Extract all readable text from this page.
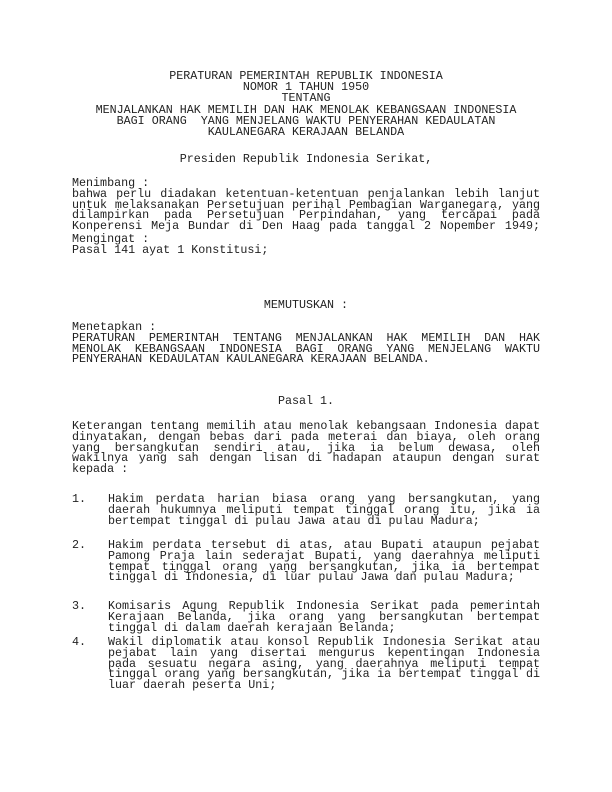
PERATURAN PEMERINTAH REPUBLIK INDONESIA
NOMOR 1 TAHUN 1950
TENTANG
MENJALANKAN HAK MEMILIH DAN HAK MENOLAK KEBANGSAAN INDONESIA
BAGI ORANG  YANG MENJELANG WAKTU PENYERAHAN KEDAULATAN
KAULANEGARA KERAJAAN BELANDA
Presiden Republik Indonesia Serikat,
Menimbang :
bahwa perlu diadakan ketentuan-ketentuan penjalankan lebih lanjut
untuk melaksanakan Persetujuan perihal Pembagian Warganegara, yang
dilampirkan pada Persetujuan Perpindahan, yang tercapai pada
Konperensi Meja Bundar di Den Haag pada tanggal 2 Nopember 1949;
Mengingat :
Pasal 141 ayat 1 Konstitusi;
MEMUTUSKAN :
Menetapkan :
PERATURAN PEMERINTAH TENTANG MENJALANKAN HAK MEMILIH DAN HAK
MENOLAK KEBANGSAAN INDONESIA BAGI ORANG YANG MENJELANG WAKTU
PENYERAHAN KEDAULATAN KAULANEGARA KERAJAAN BELANDA.
Pasal 1.
Keterangan tentang memilih atau menolak kebangsaan Indonesia dapat
dinyatakan, dengan bebas dari pada meterai dan biaya, oleh orang
yang bersangkutan sendiri atau, jika ia belum dewasa, oleh
wakilnya yang sah dengan lisan di hadapan ataupun dengan surat
kepada :
1. Hakim perdata harian biasa orang yang bersangkutan, yang
daerah hukumnya meliputi tempat tinggal orang itu, jika ia
bertempat tinggal di pulau Jawa atau di pulau Madura;
2. Hakim perdata tersebut di atas, atau Bupati ataupun pejabat
Pamong Praja lain sederajat Bupati, yang daerahnya meliputi
tempat tinggal orang yang bersangkutan, jika ia bertempat
tinggal di Indonesia, di luar pulau Jawa dan pulau Madura;
3. Komisaris Agung Republik Indonesia Serikat pada pemerintah
Kerajaan Belanda, jika orang yang bersangkutan bertempat
tinggal di dalam daerah kerajaan Belanda;
4. Wakil diplomatik atau konsol Republik Indonesia Serikat atau
pejabat lain yang disertai mengurus kepentingan Indonesia
pada sesuatu negara asing, yang daerahnya meliputi tempat
tinggal orang yang bersangkutan, jika ia bertempat tinggal di
luar daerah peserta Uni;
